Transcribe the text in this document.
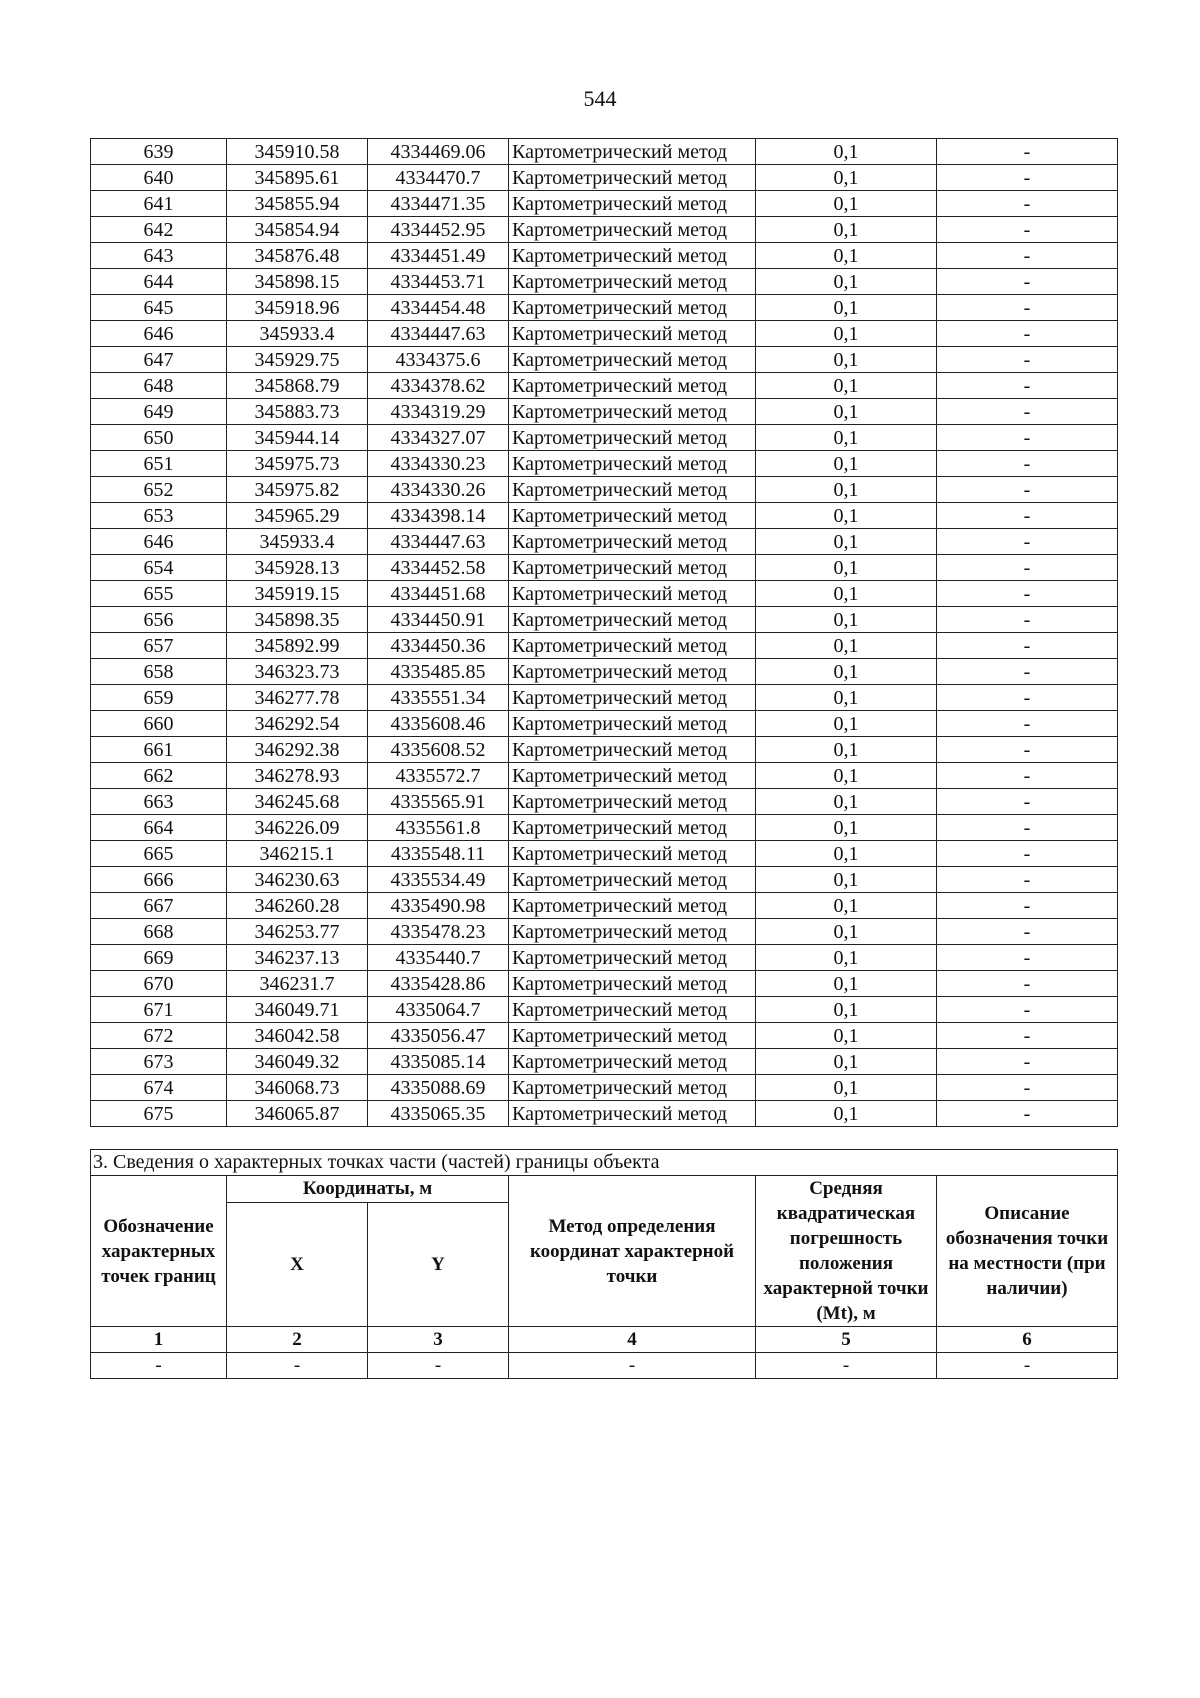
544
639	345910.58	4334469.06	Картометрический метод	0,1	-
640	345895.61	4334470.7	Картометрический метод	0,1	-
641	345855.94	4334471.35	Картометрический метод	0,1	-
642	345854.94	4334452.95	Картометрический метод	0,1	-
643	345876.48	4334451.49	Картометрический метод	0,1	-
644	345898.15	4334453.71	Картометрический метод	0,1	-
645	345918.96	4334454.48	Картометрический метод	0,1	-
646	345933.4	4334447.63	Картометрический метод	0,1	-
647	345929.75	4334375.6	Картометрический метод	0,1	-
648	345868.79	4334378.62	Картометрический метод	0,1	-
649	345883.73	4334319.29	Картометрический метод	0,1	-
650	345944.14	4334327.07	Картометрический метод	0,1	-
651	345975.73	4334330.23	Картометрический метод	0,1	-
652	345975.82	4334330.26	Картометрический метод	0,1	-
653	345965.29	4334398.14	Картометрический метод	0,1	-
646	345933.4	4334447.63	Картометрический метод	0,1	-
654	345928.13	4334452.58	Картометрический метод	0,1	-
655	345919.15	4334451.68	Картометрический метод	0,1	-
656	345898.35	4334450.91	Картометрический метод	0,1	-
657	345892.99	4334450.36	Картометрический метод	0,1	-
658	346323.73	4335485.85	Картометрический метод	0,1	-
659	346277.78	4335551.34	Картометрический метод	0,1	-
660	346292.54	4335608.46	Картометрический метод	0,1	-
661	346292.38	4335608.52	Картометрический метод	0,1	-
662	346278.93	4335572.7	Картометрический метод	0,1	-
663	346245.68	4335565.91	Картометрический метод	0,1	-
664	346226.09	4335561.8	Картометрический метод	0,1	-
665	346215.1	4335548.11	Картометрический метод	0,1	-
666	346230.63	4335534.49	Картометрический метод	0,1	-
667	346260.28	4335490.98	Картометрический метод	0,1	-
668	346253.77	4335478.23	Картометрический метод	0,1	-
669	346237.13	4335440.7	Картометрический метод	0,1	-
670	346231.7	4335428.86	Картометрический метод	0,1	-
671	346049.71	4335064.7	Картометрический метод	0,1	-
672	346042.58	4335056.47	Картометрический метод	0,1	-
673	346049.32	4335085.14	Картометрический метод	0,1	-
674	346068.73	4335088.69	Картометрический метод	0,1	-
675	346065.87	4335065.35	Картометрический метод	0,1	-
3. Сведения о характерных точках части (частей) границы объекта					
Обозначение характерных точек границ	Координаты, м		Метод определения координат характерной точки	Средняя квадратическая погрешность положения характерной точки (Mt), м	Описание обозначения точки на местности (при наличии)
	X	Y			
1	2	3	4	5	6
-	-	-	-	-	-
